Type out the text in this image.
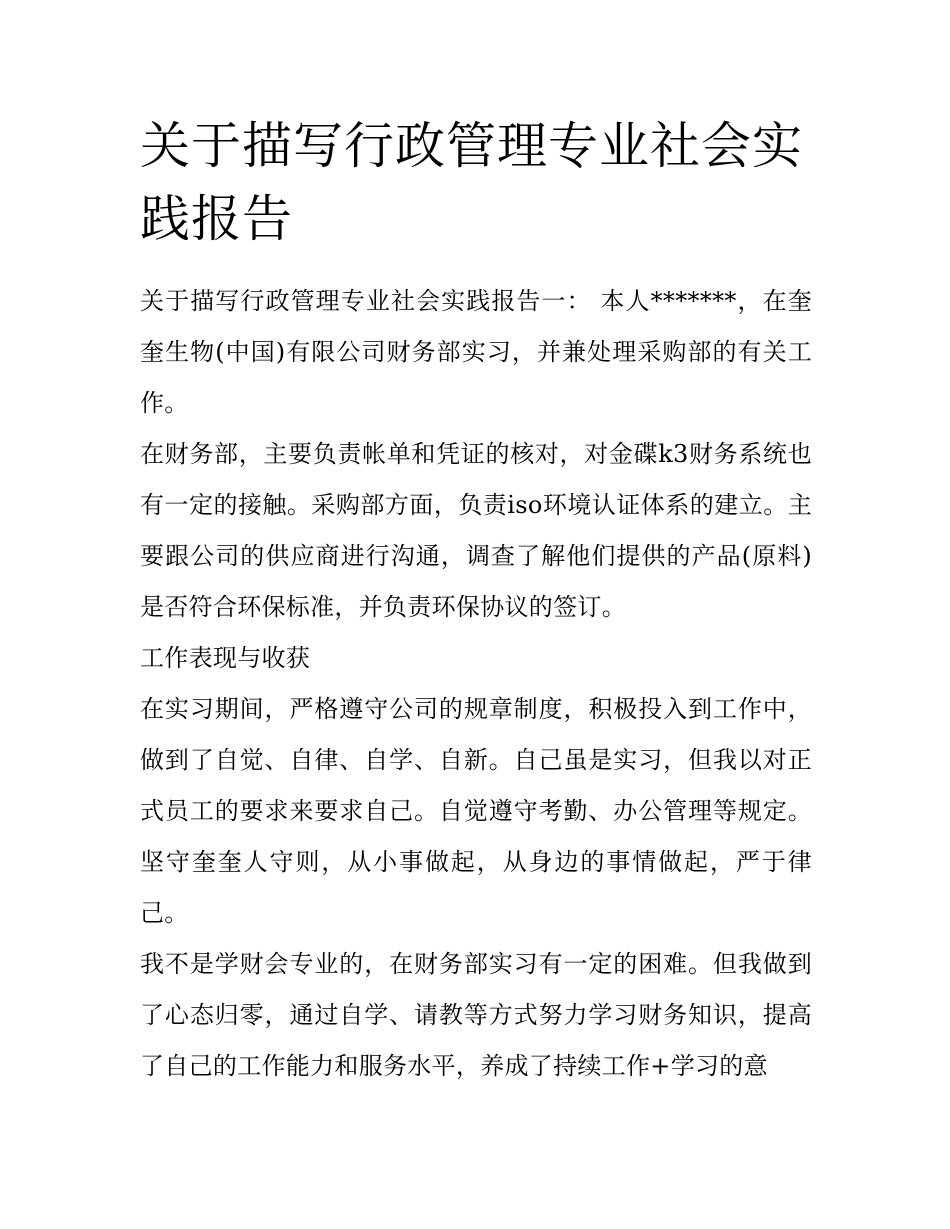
关于描写行政管理专业社会实践报告

关于描写行政管理专业社会实践报告一： 本人*******，在奎奎生物(中国)有限公司财务部实习，并兼处理采购部的有关工作。

在财务部，主要负责帐单和凭证的核对，对金碟k3财务系统也有一定的接触。采购部方面，负责iso环境认证体系的建立。主要跟公司的供应商进行沟通，调查了解他们提供的产品(原料)是否符合环保标准，并负责环保协议的签订。

工作表现与收获

在实习期间，严格遵守公司的规章制度，积极投入到工作中，做到了自觉、自律、自学、自新。自己虽是实习，但我以对正式员工的要求来要求自己。自觉遵守考勤、办公管理等规定。坚守奎奎人守则，从小事做起，从身边的事情做起，严于律己。

我不是学财会专业的，在财务部实习有一定的困难。但我做到了心态归零，通过自学、请教等方式努力学习财务知识，提高了自己的工作能力和服务水平，养成了持续工作+学习的意
